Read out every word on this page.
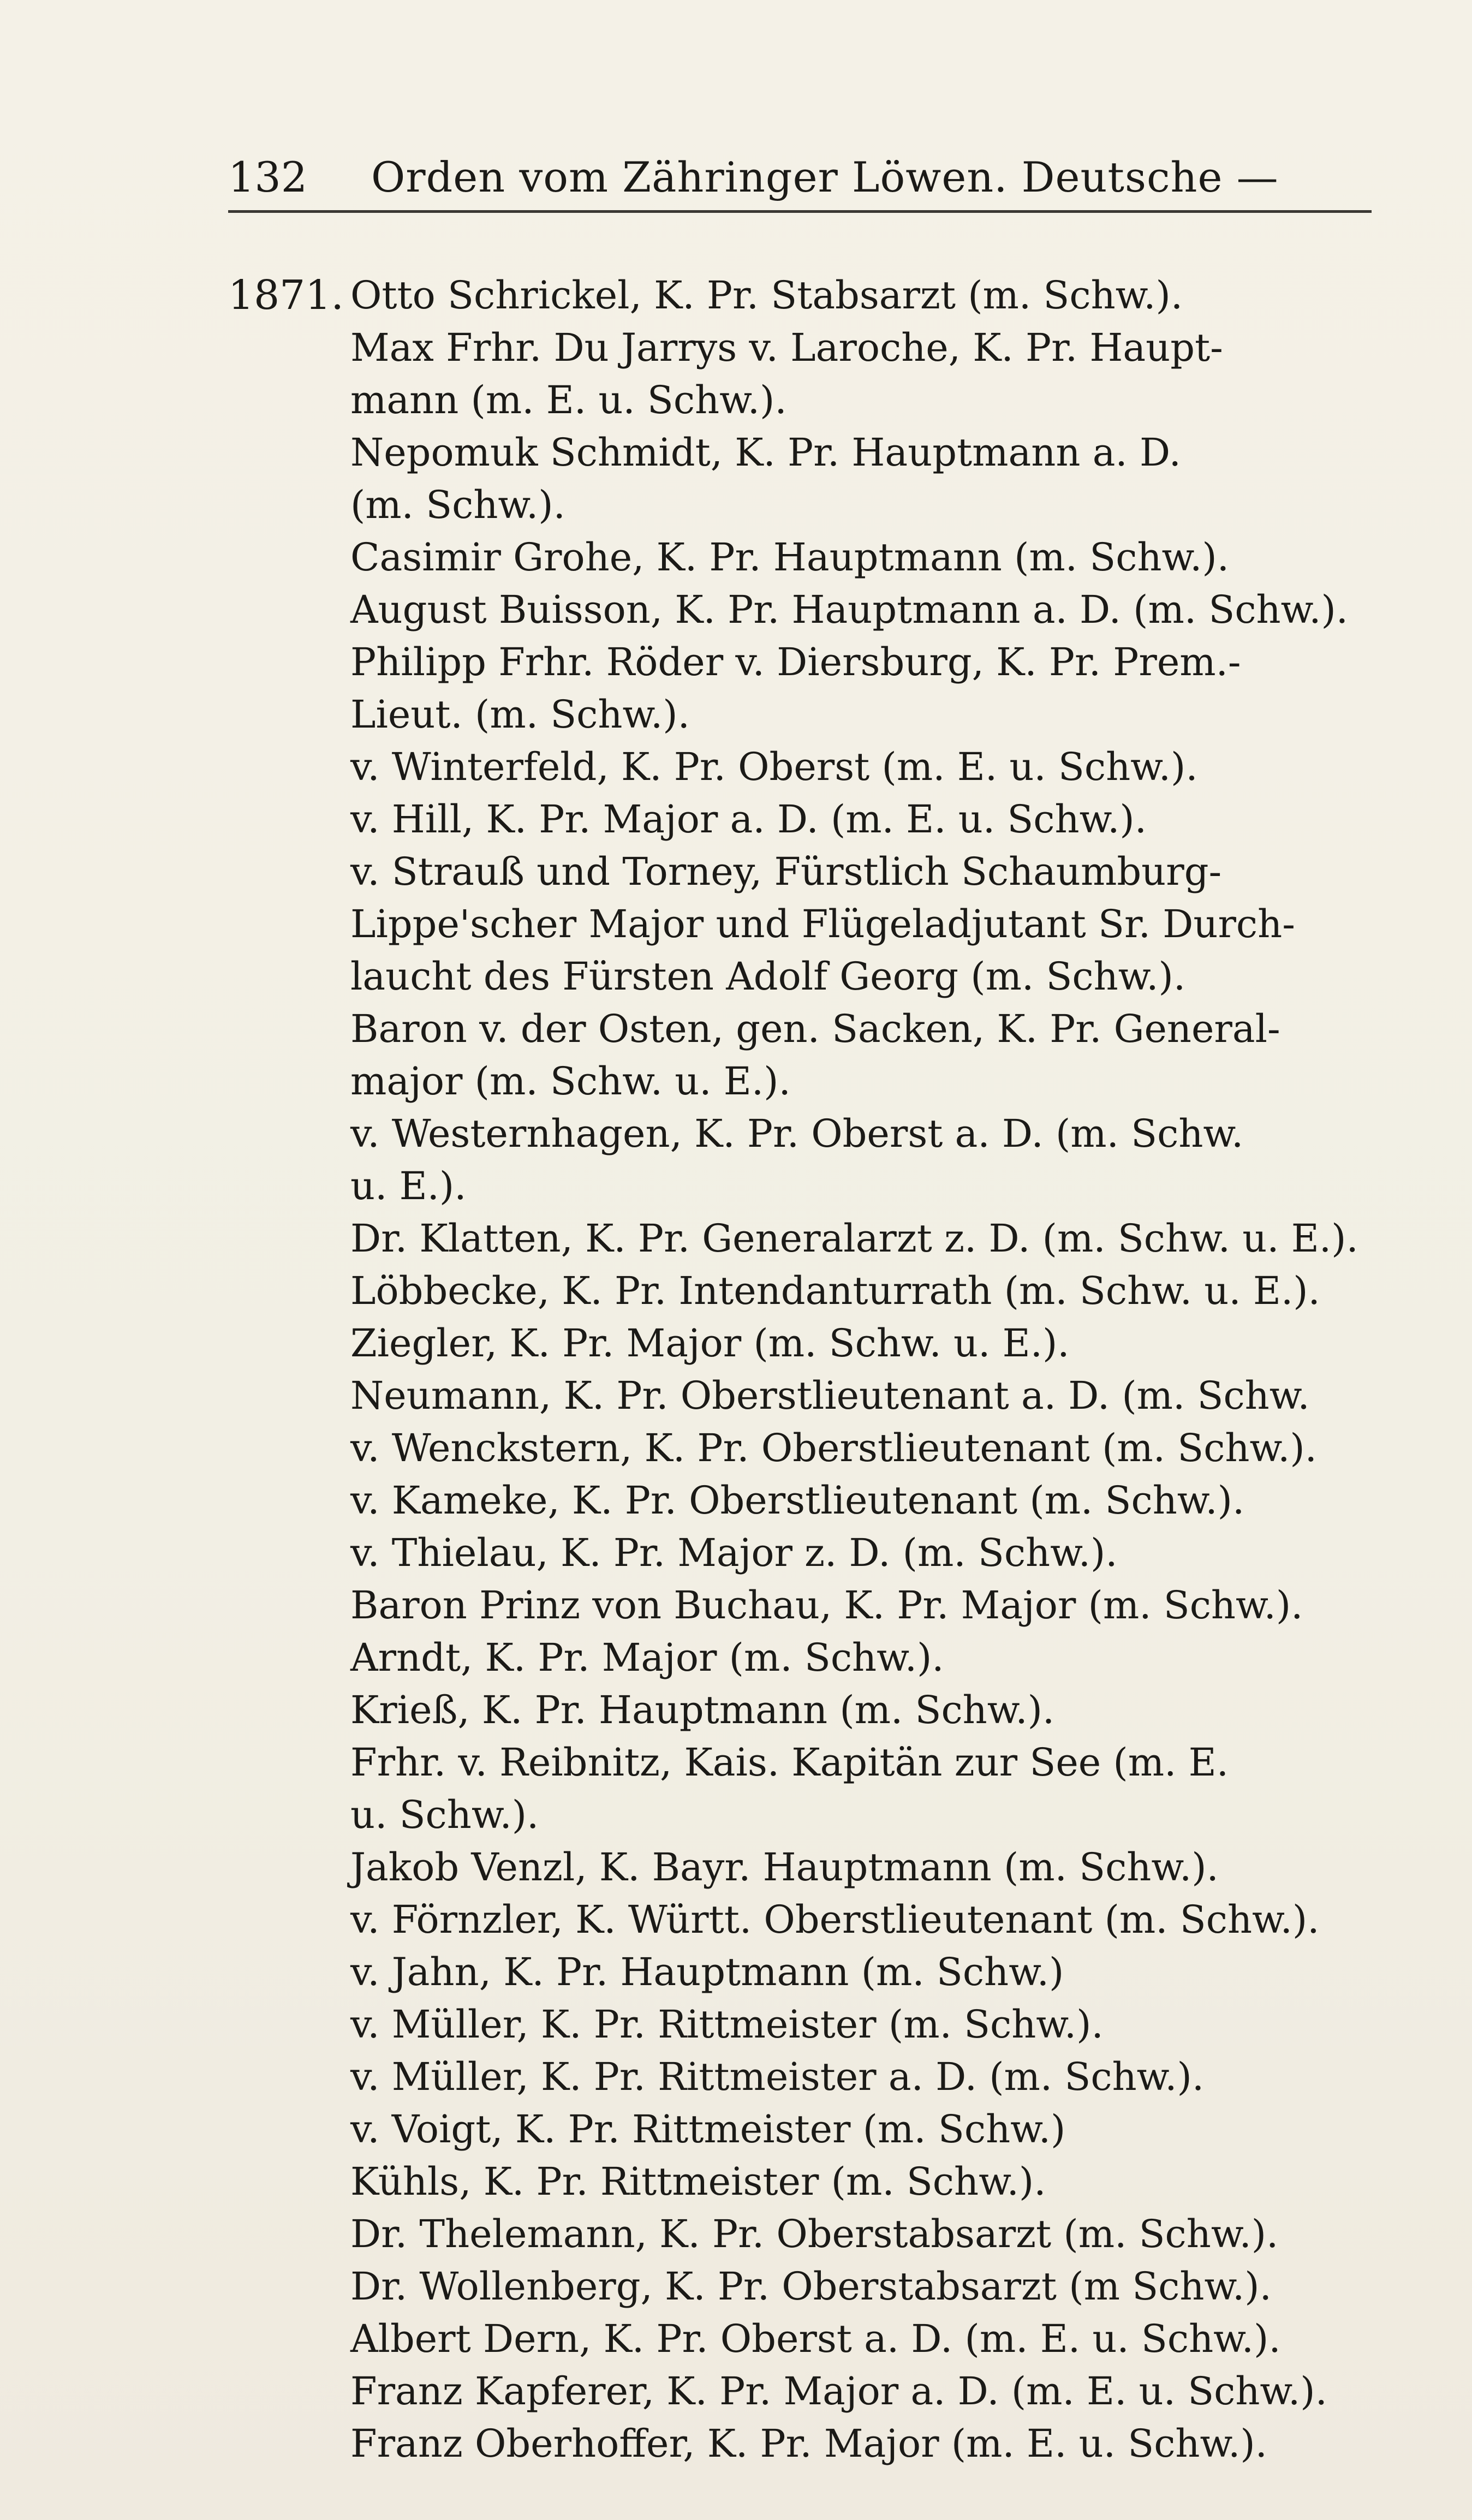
132 Orden vom Zähringer Löwen. Deutsche —
1871. Otto Schrickel, K. Pr. Stabsarzt (m. Schw.).
Max Frhr. Du Jarrys v. Laroche, K. Pr. Haupt-
mann (m. E. u. Schw.).
Nepomuk Schmidt, K. Pr. Hauptmann a. D.
(m. Schw.).
Casimir Grohe, K. Pr. Hauptmann (m. Schw.).
August Buisson, K. Pr. Hauptmann a. D. (m. Schw.).
Philipp Frhr. Röder v. Diersburg, K. Pr. Prem.-
Lieut. (m. Schw.).
v. Winterfeld, K. Pr. Oberst (m. E. u. Schw.).
v. Hill, K. Pr. Major a. D. (m. E. u. Schw.).
v. Strauß und Torney, Fürstlich Schaumburg-
Lippe'scher Major und Flügeladjutant Sr. Durch-
laucht des Fürsten Adolf Georg (m. Schw.).
Baron v. der Osten, gen. Sacken, K. Pr. General-
major (m. Schw. u. E.).
v. Westernhagen, K. Pr. Oberst a. D. (m. Schw.
u. E.).
Dr. Klatten, K. Pr. Generalarzt z. D. (m. Schw. u. E.).
Löbbecke, K. Pr. Intendanturrath (m. Schw. u. E.).
Ziegler, K. Pr. Major (m. Schw. u. E.).
Neumann, K. Pr. Oberstlieutenant a. D. (m. Schw.
v. Wenckstern, K. Pr. Oberstlieutenant (m. Schw.).
v. Kameke, K. Pr. Oberstlieutenant (m. Schw.).
v. Thielau, K. Pr. Major z. D. (m. Schw.).
Baron Prinz von Buchau, K. Pr. Major (m. Schw.).
Arndt, K. Pr. Major (m. Schw.).
Krieß, K. Pr. Hauptmann (m. Schw.).
Frhr. v. Reibnitz, Kais. Kapitän zur See (m. E.
u. Schw.).
Jakob Venzl, K. Bayr. Hauptmann (m. Schw.).
v. Förnzler, K. Württ. Oberstlieutenant (m. Schw.).
v. Jahn, K. Pr. Hauptmann (m. Schw.)
v. Müller, K. Pr. Rittmeister (m. Schw.).
v. Müller, K. Pr. Rittmeister a. D. (m. Schw.).
v. Voigt, K. Pr. Rittmeister (m. Schw.)
Kühls, K. Pr. Rittmeister (m. Schw.).
Dr. Thelemann, K. Pr. Oberstabsarzt (m. Schw.).
Dr. Wollenberg, K. Pr. Oberstabsarzt (m Schw.).
Albert Dern, K. Pr. Oberst a. D. (m. E. u. Schw.).
Franz Kapferer, K. Pr. Major a. D. (m. E. u. Schw.).
Franz Oberhoffer, K. Pr. Major (m. E. u. Schw.).
